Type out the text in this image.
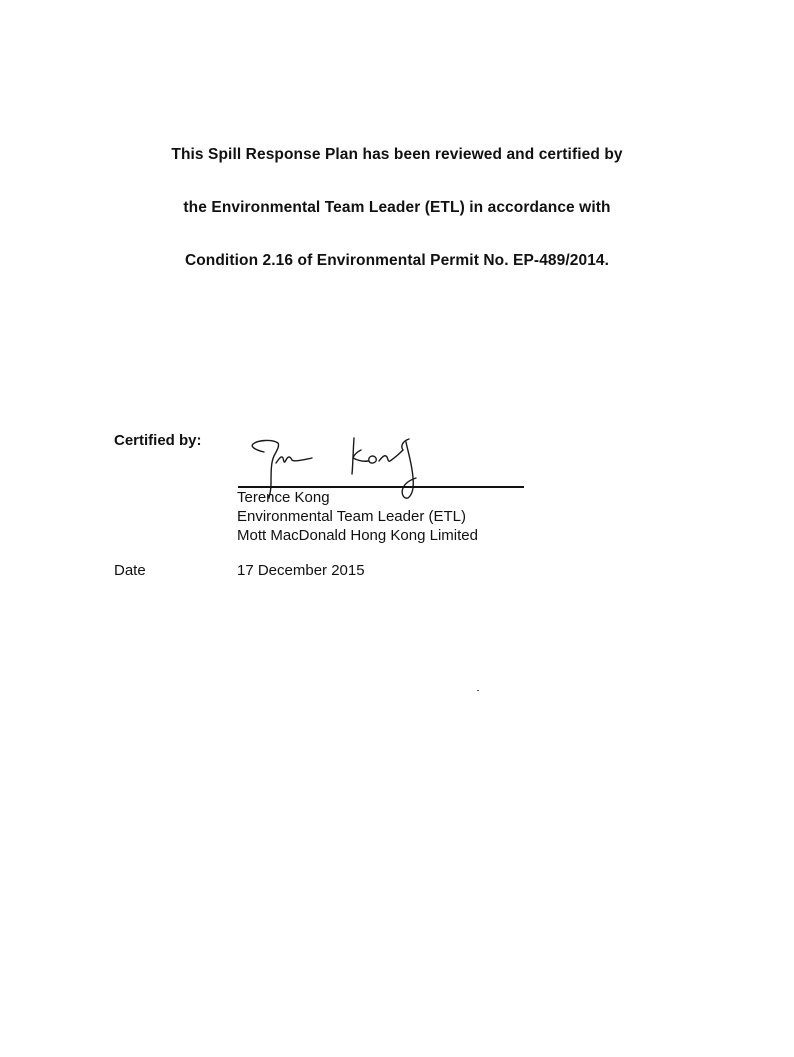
This Spill Response Plan has been reviewed and certified by
the Environmental Team Leader (ETL) in accordance with
Condition 2.16 of Environmental Permit No. EP-489/2014.
Certified by:
Terence Kong
Environmental Team Leader (ETL)
Mott MacDonald Hong Kong Limited
Date	17 December 2015
